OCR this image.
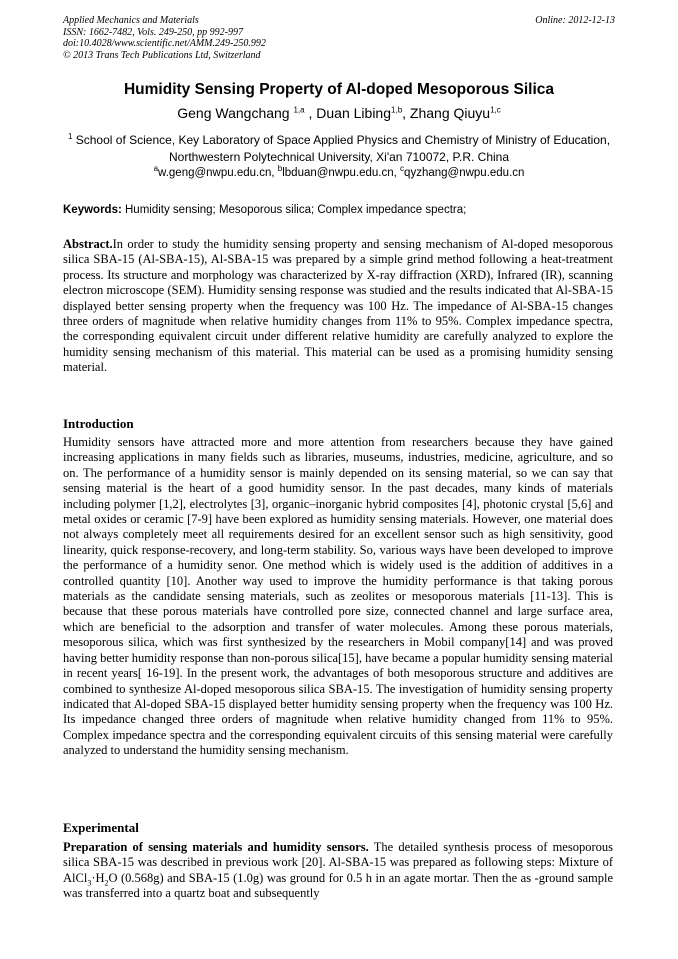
Applied Mechanics and Materials
ISSN: 1662-7482, Vols. 249-250, pp 992-997
doi:10.4028/www.scientific.net/AMM.249-250.992
© 2013 Trans Tech Publications Ltd, Switzerland
Online: 2012-12-13
Humidity Sensing Property of Al-doped Mesoporous Silica
Geng Wangchang $^{1,a}$ , Duan Libing$^{1,b}$, Zhang Qiuyu$^{1,c}$
$^1$ School of Science, Key Laboratory of Space Applied Physics and Chemistry of Ministry of Education, Northwestern Polytechnical University, Xi'an 710072, P.R. China
$^a$w.geng@nwpu.edu.cn, $^b$lbduan@nwpu.edu.cn, $^c$qyzhang@nwpu.edu.cn
Keywords: Humidity sensing; Mesoporous silica; Complex impedance spectra;
Abstract.In order to study the humidity sensing property and sensing mechanism of Al-doped mesoporous silica SBA-15 (Al-SBA-15), Al-SBA-15 was prepared by a simple grind method following a heat-treatment process. Its structure and morphology was characterized by X-ray diffraction (XRD), Infrared (IR), scanning electron microscope (SEM). Humidity sensing response was studied and the results indicated that Al-SBA-15 displayed better sensing property when the frequency was 100 Hz. The impedance of Al-SBA-15 changes three orders of magnitude when relative humidity changes from 11% to 95%. Complex impedance spectra, the corresponding equivalent circuit under different relative humidity are carefully analyzed to explore the humidity sensing mechanism of this material. This material can be used as a promising humidity sensing material.
Introduction
Humidity sensors have attracted more and more attention from researchers because they have gained increasing applications in many fields such as libraries, museums, industries, medicine, agriculture, and so on. The performance of a humidity sensor is mainly depended on its sensing material, so we can say that sensing material is the heart of a good humidity sensor. In the past decades, many kinds of materials including polymer [1,2], electrolytes [3], organic–inorganic hybrid composites [4], photonic crystal [5,6] and metal oxides or ceramic [7-9] have been explored as humidity sensing materials. However, one material does not always completely meet all requirements desired for an excellent sensor such as high sensitivity, good linearity, quick response-recovery, and long-term stability. So, various ways have been developed to improve the performance of a humidity senor. One method which is widely used is the addition of additives in a controlled quantity [10]. Another way used to improve the humidity performance is that taking porous materials as the candidate sensing materials, such as zeolites or mesoporous materials [11-13]. This is because that these porous materials have controlled pore size, connected channel and large surface area, which are beneficial to the adsorption and transfer of water molecules. Among these porous materials, mesoporous silica, which was first synthesized by the researchers in Mobil company[14] and was proved having better humidity response than non-porous silica[15], have became a popular humidity sensing material in recent years[ 16-19]. In the present work, the advantages of both mesoporous structure and additives are combined to synthesize Al-doped mesoporous silica SBA-15. The investigation of humidity sensing property indicated that Al-doped SBA-15 displayed better humidity sensing property when the frequency was 100 Hz. Its impedance changed three orders of magnitude when relative humidity changed from 11% to 95%. Complex impedance spectra and the corresponding equivalent circuits of this sensing material were carefully analyzed to understand the humidity sensing mechanism.
Experimental
Preparation of sensing materials and humidity sensors. The detailed synthesis process of mesoporous silica SBA-15 was described in previous work [20]. Al-SBA-15 was prepared as following steps: Mixture of $AlCl_3\cdot H_2O$ (0.568g) and SBA-15 (1.0g) was ground for 0.5 h in an agate mortar. Then the as -ground sample was transferred into a quartz boat and subsequently
